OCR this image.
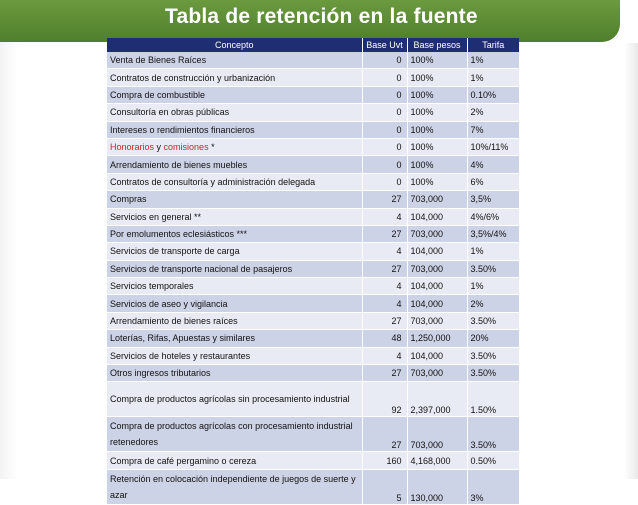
Tabla de retención en la fuente
Concepto	Base Uvt	Base pesos	Tarifa
Venta de Bienes Raíces	0	100%	1%
Contratos de construcción y urbanización	0	100%	1%
Compra de combustible	0	100%	0.10%
Consultoría en obras públicas	0	100%	2%
Intereses o rendimientos financieros	0	100%	7%
Honorarios y comisiones *	0	100%	10%/11%
Arrendamiento de bienes muebles	0	100%	4%
Contratos de consultoría y administración delegada	0	100%	6%
Compras	27	703,000	3,5%
Servicios en general **	4	104,000	4%/6%
Por emolumentos eclesiásticos ***	27	703,000	3,5%/4%
Servicios de transporte de carga	4	104,000	1%
Servicios de transporte nacional de pasajeros	27	703,000	3.50%
Servicios temporales	4	104,000	1%
Servicios de aseo y vigilancia	4	104,000	2%
Arrendamiento de bienes raíces	27	703,000	3.50%
Loterías, Rifas, Apuestas y similares	48	1,250,000	20%
Servicios de hoteles y restaurantes	4	104,000	3.50%
Otros ingresos tributarios	27	703,000	3.50%
Compra de productos agrícolas sin procesamiento industrial	92	2,397,000	1.50%
Compra de productos agrícolas con procesamiento industrial retenedores	27	703,000	3.50%
Compra de café pergamino o cereza	160	4,168,000	0.50%
Retención en colocación independiente de juegos de suerte y azar	5	130,000	3%
